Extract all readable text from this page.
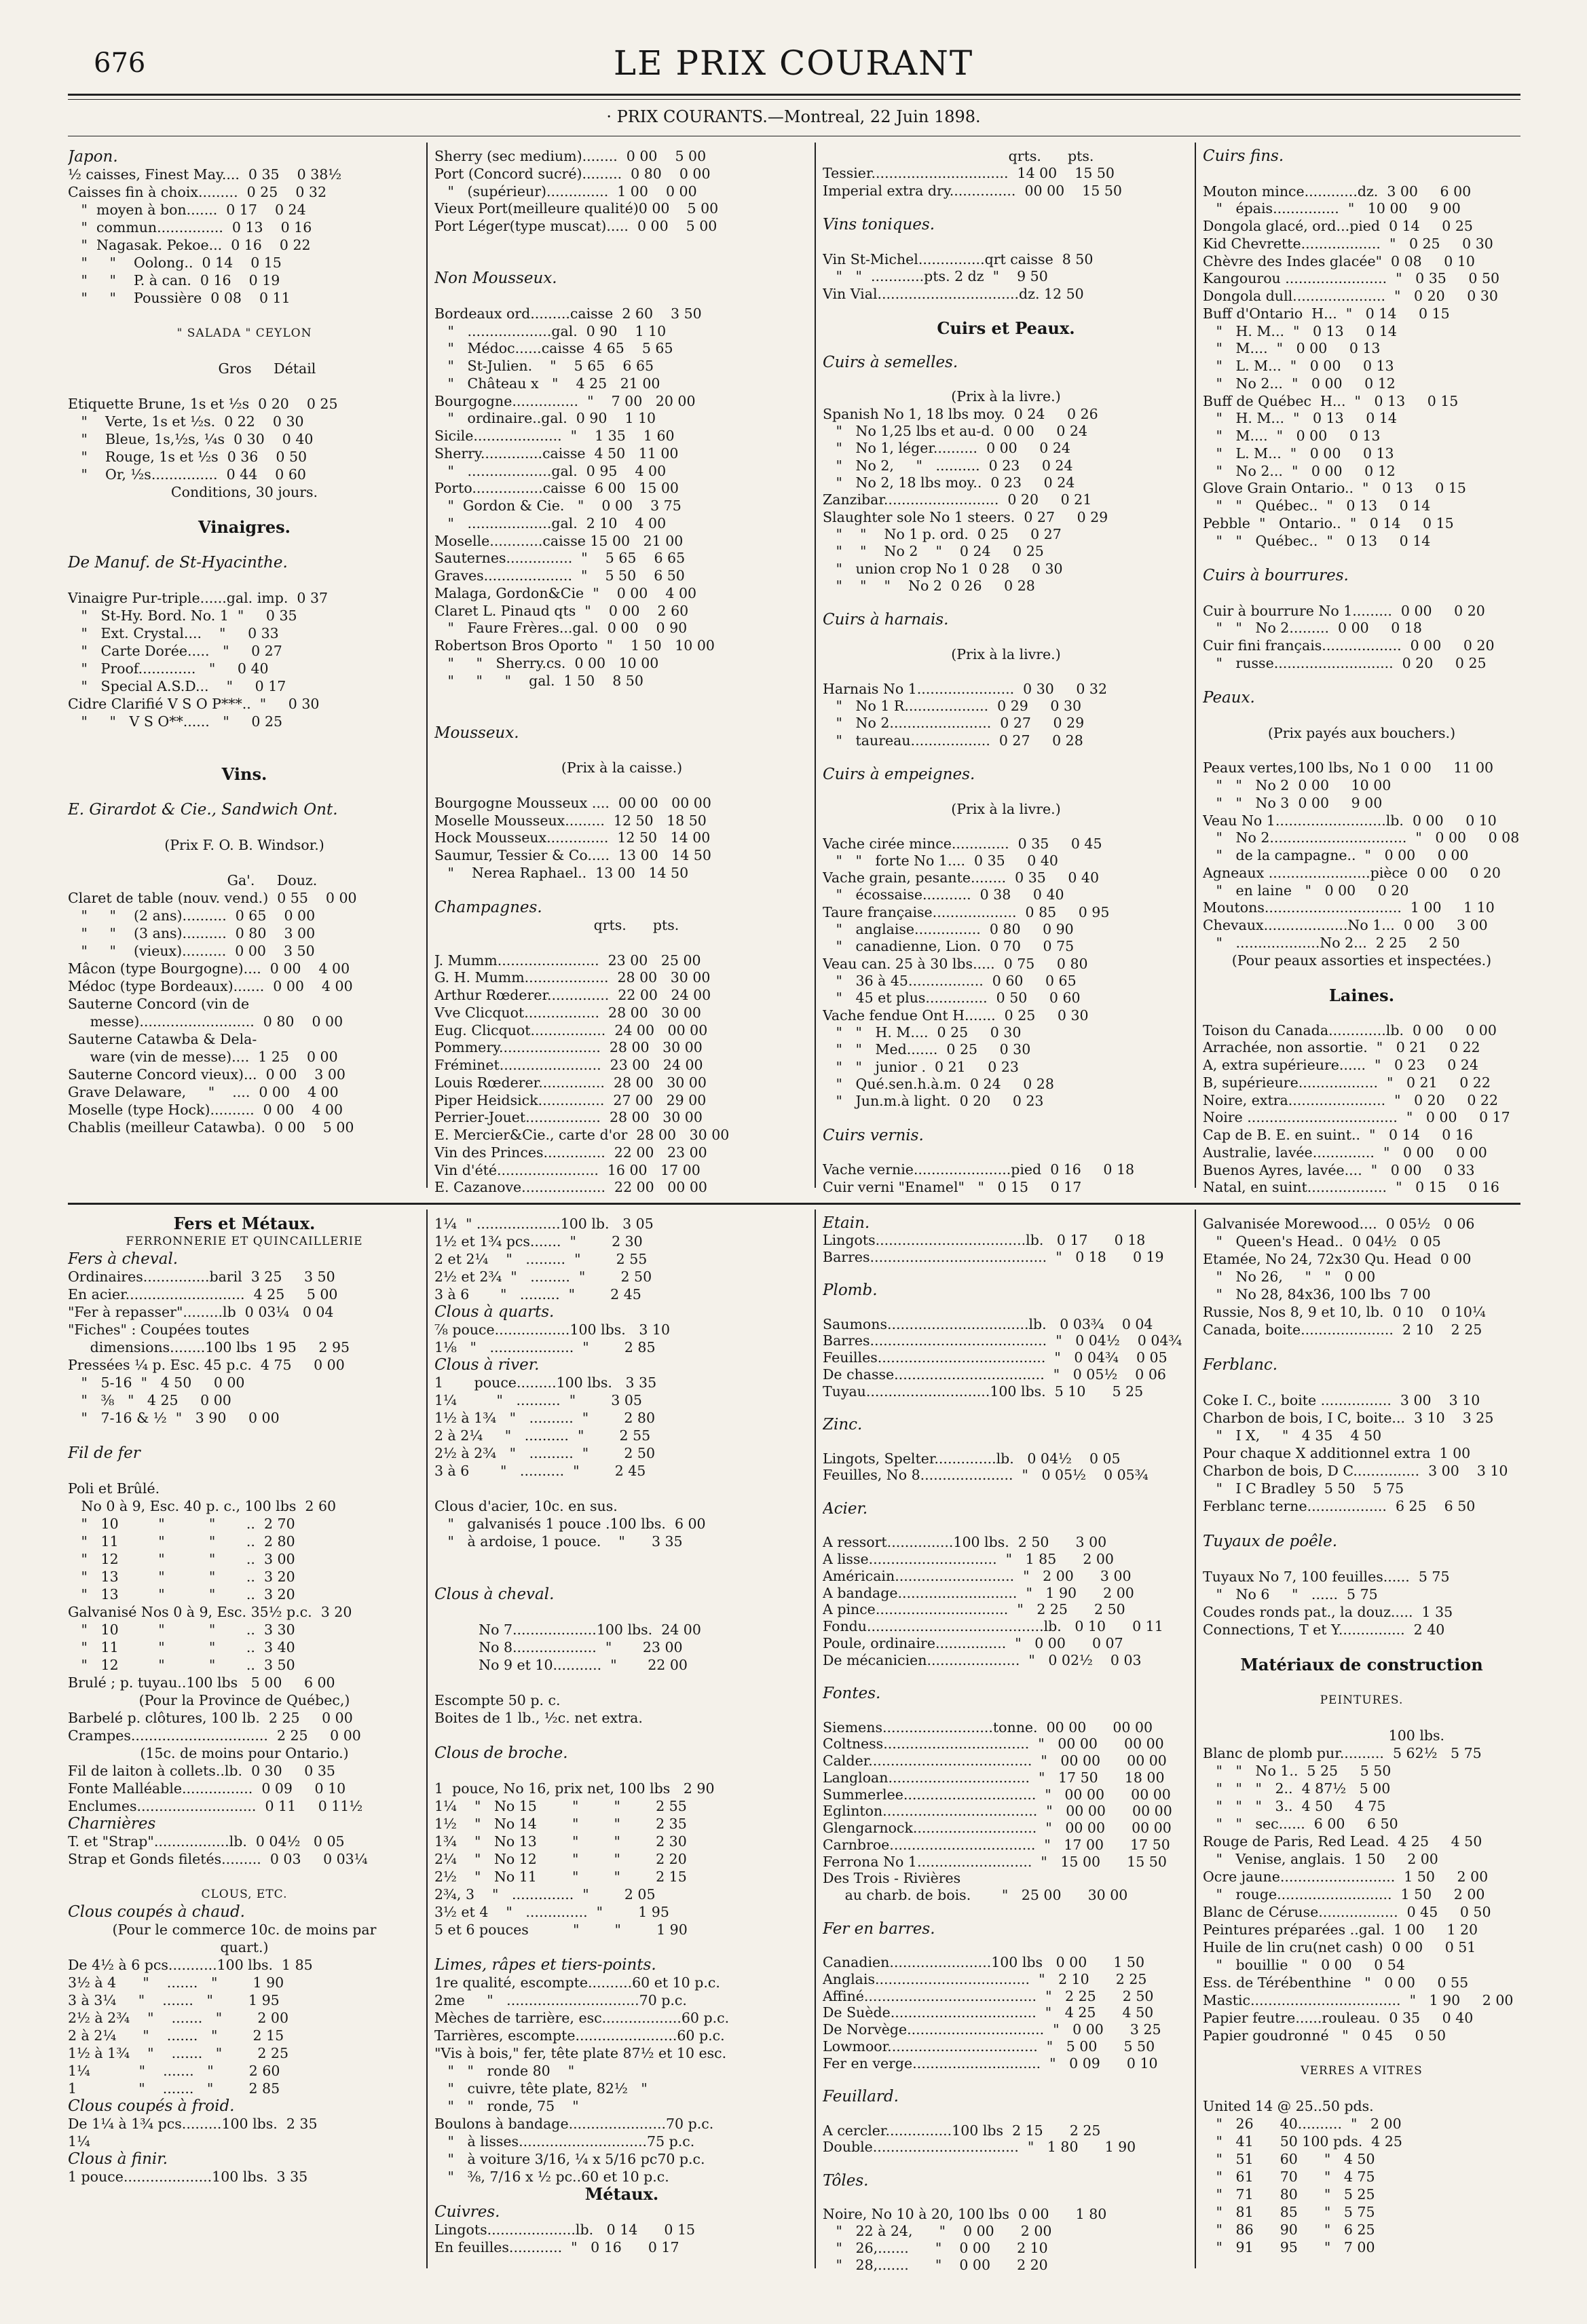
676	LE PRIX COURANT
· PRIX COURANTS.—Montreal, 22 Juin 1898.
Japon.
½ caisses, Finest May....  0 35    0 38½
Caisses fin à choix.........  0 25    0 32
"  moyen à bon.......  0 17    0 24
"  commun...............  0 13    0 16
"  Nagasak. Pekoe...  0 16    0 22
"     "    Oolong..  0 14    0 15
"     "    P. à can.  0 16    0 19
"     "    Poussière  0 08    0 11
" SALADA " CEYLON
Gros     Détail
Etiquette Brune, 1s et ½s  0 20    0 25
"    Verte, 1s et ½s.  0 22    0 30
"    Bleue, 1s,½s, ¼s  0 30    0 40
"    Rouge, 1s et ½s  0 36    0 50
"    Or, ½s...............  0 44    0 60
Conditions, 30 jours.
Vinaigres.
De Manuf. de St-Hyacinthe.
Vinaigre Pur-triple......gal. imp.  0 37
"   St-Hy. Bord. No. 1  "     0 35
"   Ext. Crystal....    "     0 33
"   Carte Dorée.....   "     0 27
"   Proof.............   "     0 40
"   Special A.S.D...    "     0 17
Cidre Clarifié V S O P***..  "     0 30
"     "   V S O**......   "     0 25
Vins.
E. Girardot & Cie., Sandwich Ont.
(Prix F. O. B. Windsor.)
Ga'.     Douz.
Claret de table (nouv. vend.)  0 55    0 00
"     "    (2 ans)..........  0 65    0 00
"     "    (3 ans)..........  0 80    3 00
"     "    (vieux)..........  0 00    3 50
Mâcon (type Bourgogne)....  0 00    4 00
Médoc (type Bordeaux).......  0 00    4 00
Sauterne Concord (vin de
messe)..........................  0 80    0 00
Sauterne Catawba & Dela-
ware (vin de messe)....  1 25    0 00
Sauterne Concord vieux)...  0 00    3 00
Grave Delaware,     "    ....  0 00    4 00
Moselle (type Hock)..........  0 00    4 00
Chablis (meilleur Catawba).  0 00    5 00
Sherry (sec medium)........  0 00    5 00
Port (Concord sucré).........  0 80    0 00
"   (supérieur)..............  1 00    0 00
Vieux Port(meilleure qualité)0 00    5 00
Port Léger(type muscat).....  0 00    5 00
Non Mousseux.
Bordeaux ord.........caisse  2 60    3 50
"   ...................gal.  0 90    1 10
"   Médoc......caisse  4 65    5 65
"   St-Julien.    "    5 65    6 65
"   Château x   "    4 25   21 00
Bourgogne...............  "    7 00   20 00
"   ordinaire..gal.  0 90    1 10
Sicile....................  "    1 35    1 60
Sherry..............caisse  4 50   11 00
"   ...................gal.  0 95    4 00
Porto................caisse  6 00   15 00
"  Gordon & Cie.   "    0 00    3 75
"   ...................gal.  2 10    4 00
Moselle............caisse 15 00   21 00
Sauternes...............  "    5 65    6 65
Graves....................  "    5 50    6 50
Malaga, Gordon&Cie  "    0 00    4 00
Claret L. Pinaud qts  "    0 00    2 60
"   Faure Frères...gal.  0 00    0 90
Robertson Bros Oporto  "    1 50   10 00
"     "   Sherry.cs.  0 00   10 00
"     "     "    gal.  1 50    8 50
Mousseux.
(Prix à la caisse.)
Bourgogne Mousseux ....  00 00   00 00
Moselle Mousseux.........  12 50   18 50
Hock Mousseux..............  12 50   14 00
Saumur, Tessier & Co.....  13 00   14 50
"    Nerea Raphael..  13 00   14 50
Champagnes.
qrts.      pts.
J. Mumm.......................  23 00   25 00
G. H. Mumm...................  28 00   30 00
Arthur Rœderer..............  22 00   24 00
Vve Clicquot.................  28 00   30 00
Eug. Clicquot.................  24 00   00 00
Pommery.......................  28 00   30 00
Fréminet.......................  23 00   24 00
Louis Rœderer...............  28 00   30 00
Piper Heidsick...............  27 00   29 00
Perrier-Jouet.................  28 00   30 00
E. Mercier&Cie., carte d'or  28 00   30 00
Vin des Princes..............  22 00   23 00
Vin d'été.......................  16 00   17 00
E. Cazanove...................  22 00   00 00
qrts.      pts.
Tessier...............................  14 00    15 50
Imperial extra dry...............  00 00    15 50
Vins toniques.
Vin St-Michel...............qrt caisse  8 50
"   "  ............pts. 2 dz  "    9 50
Vin Vial................................dz. 12 50
Cuirs et Peaux.
Cuirs à semelles.
(Prix à la livre.)
Spanish No 1, 18 lbs moy.  0 24     0 26
"   No 1,25 lbs et au-d.  0 00     0 24
"   No 1, léger..........  0 00     0 24
"   No 2,     "   ..........  0 23     0 24
"   No 2, 18 lbs moy..  0 23     0 24
Zanzibar..........................  0 20     0 21
Slaughter sole No 1 steers.  0 27     0 29
"    "    No 1 p. ord.  0 25     0 27
"    "    No 2    "    0 24     0 25
"   union crop No 1  0 28     0 30
"    "    "    No 2  0 26     0 28
Cuirs à harnais.
(Prix à la livre.)
Harnais No 1......................  0 30     0 32
"   No 1 R...................  0 29     0 30
"   No 2.......................  0 27     0 29
"   taureau..................  0 27     0 28
Cuirs à empeignes.
(Prix à la livre.)
Vache cirée mince.............  0 35     0 45
"   "   forte No 1....  0 35     0 40
Vache grain, pesante........  0 35     0 40
"   écossaise...........  0 38     0 40
Taure française...................  0 85     0 95
"   anglaise...............  0 80     0 90
"   canadienne, Lion.  0 70     0 75
Veau can. 25 à 30 lbs.....  0 75     0 80
"   36 à 45.................  0 60     0 65
"   45 et plus..............  0 50     0 60
Vache fendue Ont H.......  0 25     0 30
"   "   H. M....  0 25     0 30
"   "   Med.......  0 25     0 30
"   "   junior .  0 21     0 23
"   Qué.sen.h.à.m.  0 24     0 28
"   Jun.m.à light.  0 20     0 23
Cuirs vernis.
Vache vernie......................pied  0 16     0 18
Cuir verni "Enamel"   "   0 15     0 17
Cuirs fins.
Mouton mince............dz.  3 00     6 00
"   épais...............  "   10 00     9 00
Dongola glacé, ord...pied  0 14     0 25
Kid Chevrette..................  "   0 25     0 30
Chèvre des Indes glacée"  0 08     0 10
Kangourou .......................  "   0 35     0 50
Dongola dull.....................  "   0 20     0 30
Buff d'Ontario  H...  "   0 14     0 15
"   H. M...  "   0 13     0 14
"   M....  "   0 00     0 13
"   L. M...  "   0 00     0 13
"   No 2...  "   0 00     0 12
Buff de Québec  H...  "   0 13     0 15
"   H. M...  "   0 13     0 14
"   M....  "   0 00     0 13
"   L. M...  "   0 00     0 13
"   No 2...  "   0 00     0 12
Glove Grain Ontario..  "   0 13     0 15
"   "   Québec..  "   0 13     0 14
Pebble  "   Ontario..  "   0 14     0 15
"   "   Québec..  "   0 13     0 14
Cuirs à bourrures.
Cuir à bourrure No 1.........  0 00     0 20
"   "   No 2.........  0 00     0 18
Cuir fini français..................  0 00     0 20
"   russe...........................  0 20     0 25
Peaux.
(Prix payés aux bouchers.)
Peaux vertes,100 lbs, No 1  0 00     11 00
"   "   No 2  0 00     10 00
"   "   No 3  0 00     9 00
Veau No 1.........................lb.  0 00     0 10
"   No 2...............................  "   0 00     0 08
"   de la campagne..  "   0 00     0 00
Agneaux .......................pièce  0 00     0 20
"   en laine   "   0 00     0 20
Moutons...............................  1 00     1 10
Chevaux...................No 1...  0 00     3 00
"   ...................No 2...  2 25     2 50
(Pour peaux assorties et inspectées.)
Laines.
Toison du Canada.............lb.  0 00     0 00
Arrachée, non assortie.  "   0 21     0 22
A, extra supérieure......  "   0 23     0 24
B, supérieure..................  "   0 21     0 22
Noire, extra......................  "   0 20     0 22
Noire ..................................  "   0 00     0 17
Cap de B. E. en suint..  "   0 14     0 16
Australie, lavée..............  "   0 00     0 00
Buenos Ayres, lavée....  "   0 00     0 33
Natal, en suint..................  "   0 15     0 16
Fers et Métaux.
FERRONNERIE ET QUINCAILLERIE
Fers à cheval.
Ordinaires...............baril  3 25     3 50
En acier...........................  4 25     5 00
"Fer à repasser".........lb  0 03¼   0 04
"Fiches" : Coupées toutes
dimensions........100 lbs  1 95     2 95
Pressées ¼ p. Esc. 45 p.c.  4 75     0 00
"   5-16  "   4 50     0 00
"   ⅜   "   4 25     0 00
"   7-16 & ½  "   3 90     0 00
Fil de fer
Poli et Brûlé.
No 0 à 9, Esc. 40 p. c., 100 lbs  2 60
"   10         "          "       ..  2 70
"   11         "          "       ..  2 80
"   12         "          "       ..  3 00
"   13         "          "       ..  3 20
"   13         "          "       ..  3 20
Galvanisé Nos 0 à 9, Esc. 35½ p.c.  3 20
"   10         "          "       ..  3 30
"   11         "          "       ..  3 40
"   12         "          "       ..  3 50
Brulé ; p. tuyau..100 lbs   5 00     6 00
(Pour la Province de Québec,)
Barbelé p. clôtures, 100 lb.  2 25     0 00
Crampes...............................  2 25     0 00
(15c. de moins pour Ontario.)
Fil de laiton à collets..lb.  0 30     0 35
Fonte Malléable................  0 09     0 10
Enclumes...........................  0 11     0 11½
Charnières
T. et "Strap".................lb.  0 04½   0 05
Strap et Gonds filetés.........  0 03     0 03¼
CLOUS, ETC.
Clous coupés à chaud.
(Pour le commerce 10c. de moins par
quart.)
De 4½ à 6 pcs...........100 lbs.  1 85
3½ à 4      "    .......   "        1 90
3 à 3¼     "    .......   "        1 95
2½ à 2¾    "    .......   "        2 00
2 à 2¼      "    .......   "        2 15
1½ à 1¾    "    .......   "        2 25
1¼           "    .......   "        2 60
1              "    .......   "        2 85
Clous coupés à froid.
De 1¼ à 1¾ pcs.........100 lbs.  2 35
1¼
Clous à finir.
1 pouce....................100 lbs.  3 35
1¼  " ...................100 lb.   3 05
1½ et 1¾ pcs.......  "        2 30
2 et 2¼    "   .........  "        2 55
2½ et 2¾  "   .........  "        2 50
3 à 6       "   .........  "        2 45
Clous à quarts.
⅞ pouce.................100 lbs.   3 10
1⅛   "   ...................  "        2 85
Clous à river.
1       pouce.........100 lbs.   3 35
1¼         "   ..........  "        3 05
1½ à 1¾   "   ..........  "        2 80
2 à 2¼     "   ..........  "        2 55
2½ à 2¾   "   ..........  "        2 50
3 à 6       "   ..........  "        2 45
Clous d'acier, 10c. en sus.
"   galvanisés 1 pouce .100 lbs.  6 00
"   à ardoise, 1 pouce.    "      3 35
Clous à cheval.
No 7...................100 lbs.  24 00
No 8...................  "       23 00
No 9 et 10...........  "       22 00
Escompte 50 p. c.
Boites de 1 lb., ½c. net extra.
Clous de broche.
1  pouce, No 16, prix net, 100 lbs   2 90
1¼    "   No 15        "        "        2 55
1½    "   No 14        "        "        2 35
1¾    "   No 13        "        "        2 30
2¼    "   No 12        "        "        2 20
2½    "   No 11        "        "        2 15
2¾, 3    "   ..............  "        2 05
3½ et 4    "   ..............  "        1 95
5 et 6 pouces          "        "        1 90
Limes, râpes et tiers-points.
1re qualité, escompte..........60 et 10 p.c.
2me     "   ..............................70 p.c.
Mèches de tarrière, esc..................60 p.c.
Tarrières, escompte.......................60 p.c.
"Vis à bois," fer, tête plate 87½ et 10 esc.
"   "   ronde 80    "
"   cuivre, tête plate, 82½   "
"   "   ronde, 75    "
Boulons à bandage......................70 p.c.
"   à lisses.............................75 p.c.
"   à voiture 3/16, ¼ x 5/16 pc70 p.c.
"   ⅜, 7/16 x ½ pc..60 et 10 p.c.
Métaux.
Cuivres.
Lingots....................lb.   0 14      0 15
En feuilles............  "   0 16      0 17
Etain.
Lingots..................................lb.   0 17      0 18
Barres........................................  "   0 18      0 19
Plomb.
Saumons................................lb.   0 03¾    0 04
Barres........................................  "   0 04½    0 04¾
Feuilles......................................  "   0 04¾    0 05
De chasse..................................  "   0 05½    0 06
Tuyau............................100 lbs.  5 10      5 25
Zinc.
Lingots, Spelter..............lb.   0 04½    0 05
Feuilles, No 8.....................  "   0 05½    0 05¾
Acier.
A ressort...............100 lbs.  2 50      3 00
A lisse.............................  "   1 85      2 00
Américain...........................  "   2 00      3 00
A bandage...........................  "   1 90      2 00
A pince..............................  "   2 25      2 50
Fondu........................................lb.   0 10      0 11
Poule, ordinaire................  "   0 00      0 07
De mécanicien.....................  "   0 02½    0 03
Fontes.
Siemens.........................tonne.  00 00      00 00
Coltness.................................  "   00 00      00 00
Calder.....................................  "   00 00      00 00
Langloan................................  "   17 50      18 00
Summerlee..............................  "   00 00      00 00
Eglinton...................................  "   00 00      00 00
Glengarnock............................  "   00 00      00 00
Carnbroe.................................  "   17 00      17 50
Ferrona No 1..........................  "   15 00      15 50
Des Trois - Rivières
au charb. de bois.       "   25 00      30 00
Fer en barres.
Canadien.......................100 lbs   0 00      1 50
Anglais...................................  "   2 10      2 25
Affiné.......................................  "   2 25      2 50
De Suède.................................  "   4 25      4 50
De Norvège...............................  "   0 00      3 25
Lowmoor..................................  "   5 00      5 50
Fer en verge.............................  "   0 09      0 10
Feuillard.
A cercler...............100 lbs  2 15      2 25
Double.................................  "   1 80      1 90
Tôles.
Noire, No 10 à 20, 100 lbs  0 00      1 80
"   22 à 24,      "    0 00      2 00
"   26,.......      "    0 00      2 10
"   28,.......      "    0 00      2 20
Galvanisée Morewood....  0 05½   0 06
"   Queen's Head..  0 04½   0 05
Etamée, No 24, 72x30 Qu. Head  0 00
"   No 26,     "   "   0 00
"   No 28, 84x36, 100 lbs  7 00
Russie, Nos 8, 9 et 10, lb.  0 10    0 10¼
Canada, boite.....................  2 10    2 25
Ferblanc.
Coke I. C., boite ................  3 00    3 10
Charbon de bois, I C, boite...  3 10    3 25
"   I X,     "   4 35    4 50
Pour chaque X additionnel extra  1 00
Charbon de bois, D C...............  3 00    3 10
"   I C Bradley  5 50    5 75
Ferblanc terne..................  6 25    6 50
Tuyaux de poêle.
Tuyaux No 7, 100 feuilles......  5 75
"   No 6     "   ......  5 75
Coudes ronds pat., la douz.....  1 35
Connections, T et Y...............  2 40
Matériaux de construction
PEINTURES.
100 lbs.
Blanc de plomb pur..........  5 62½   5 75
"   "   No 1..  5 25     5 50
"   "   "   2..  4 87½   5 00
"   "   "   3..  4 50     4 75
"   "   sec......  6 00     6 50
Rouge de Paris, Red Lead.  4 25     4 50
"   Venise, anglais.  1 50     2 00
Ocre jaune..........................  1 50     2 00
"   rouge..........................  1 50     2 00
Blanc de Céruse..................  0 45     0 50
Peintures préparées ..gal.  1 00     1 20
Huile de lin cru(net cash)  0 00     0 51
"   bouillie   "   0 00     0 54
Ess. de Térébenthine   "   0 00     0 55
Mastic..................................  "   1 90     2 00
Papier feutre......rouleau.  0 35     0 40
Papier goudronné   "   0 45     0 50
VERRES A VITRES
United 14 @ 25..50 pds.
"   26      40..........  "   2 00
"   41      50 100 pds.  4 25
"   51      60      "   4 50
"   61      70      "   4 75
"   71      80      "   5 25
"   81      85      "   5 75
"   86      90      "   6 25
"   91      95      "   7 00
